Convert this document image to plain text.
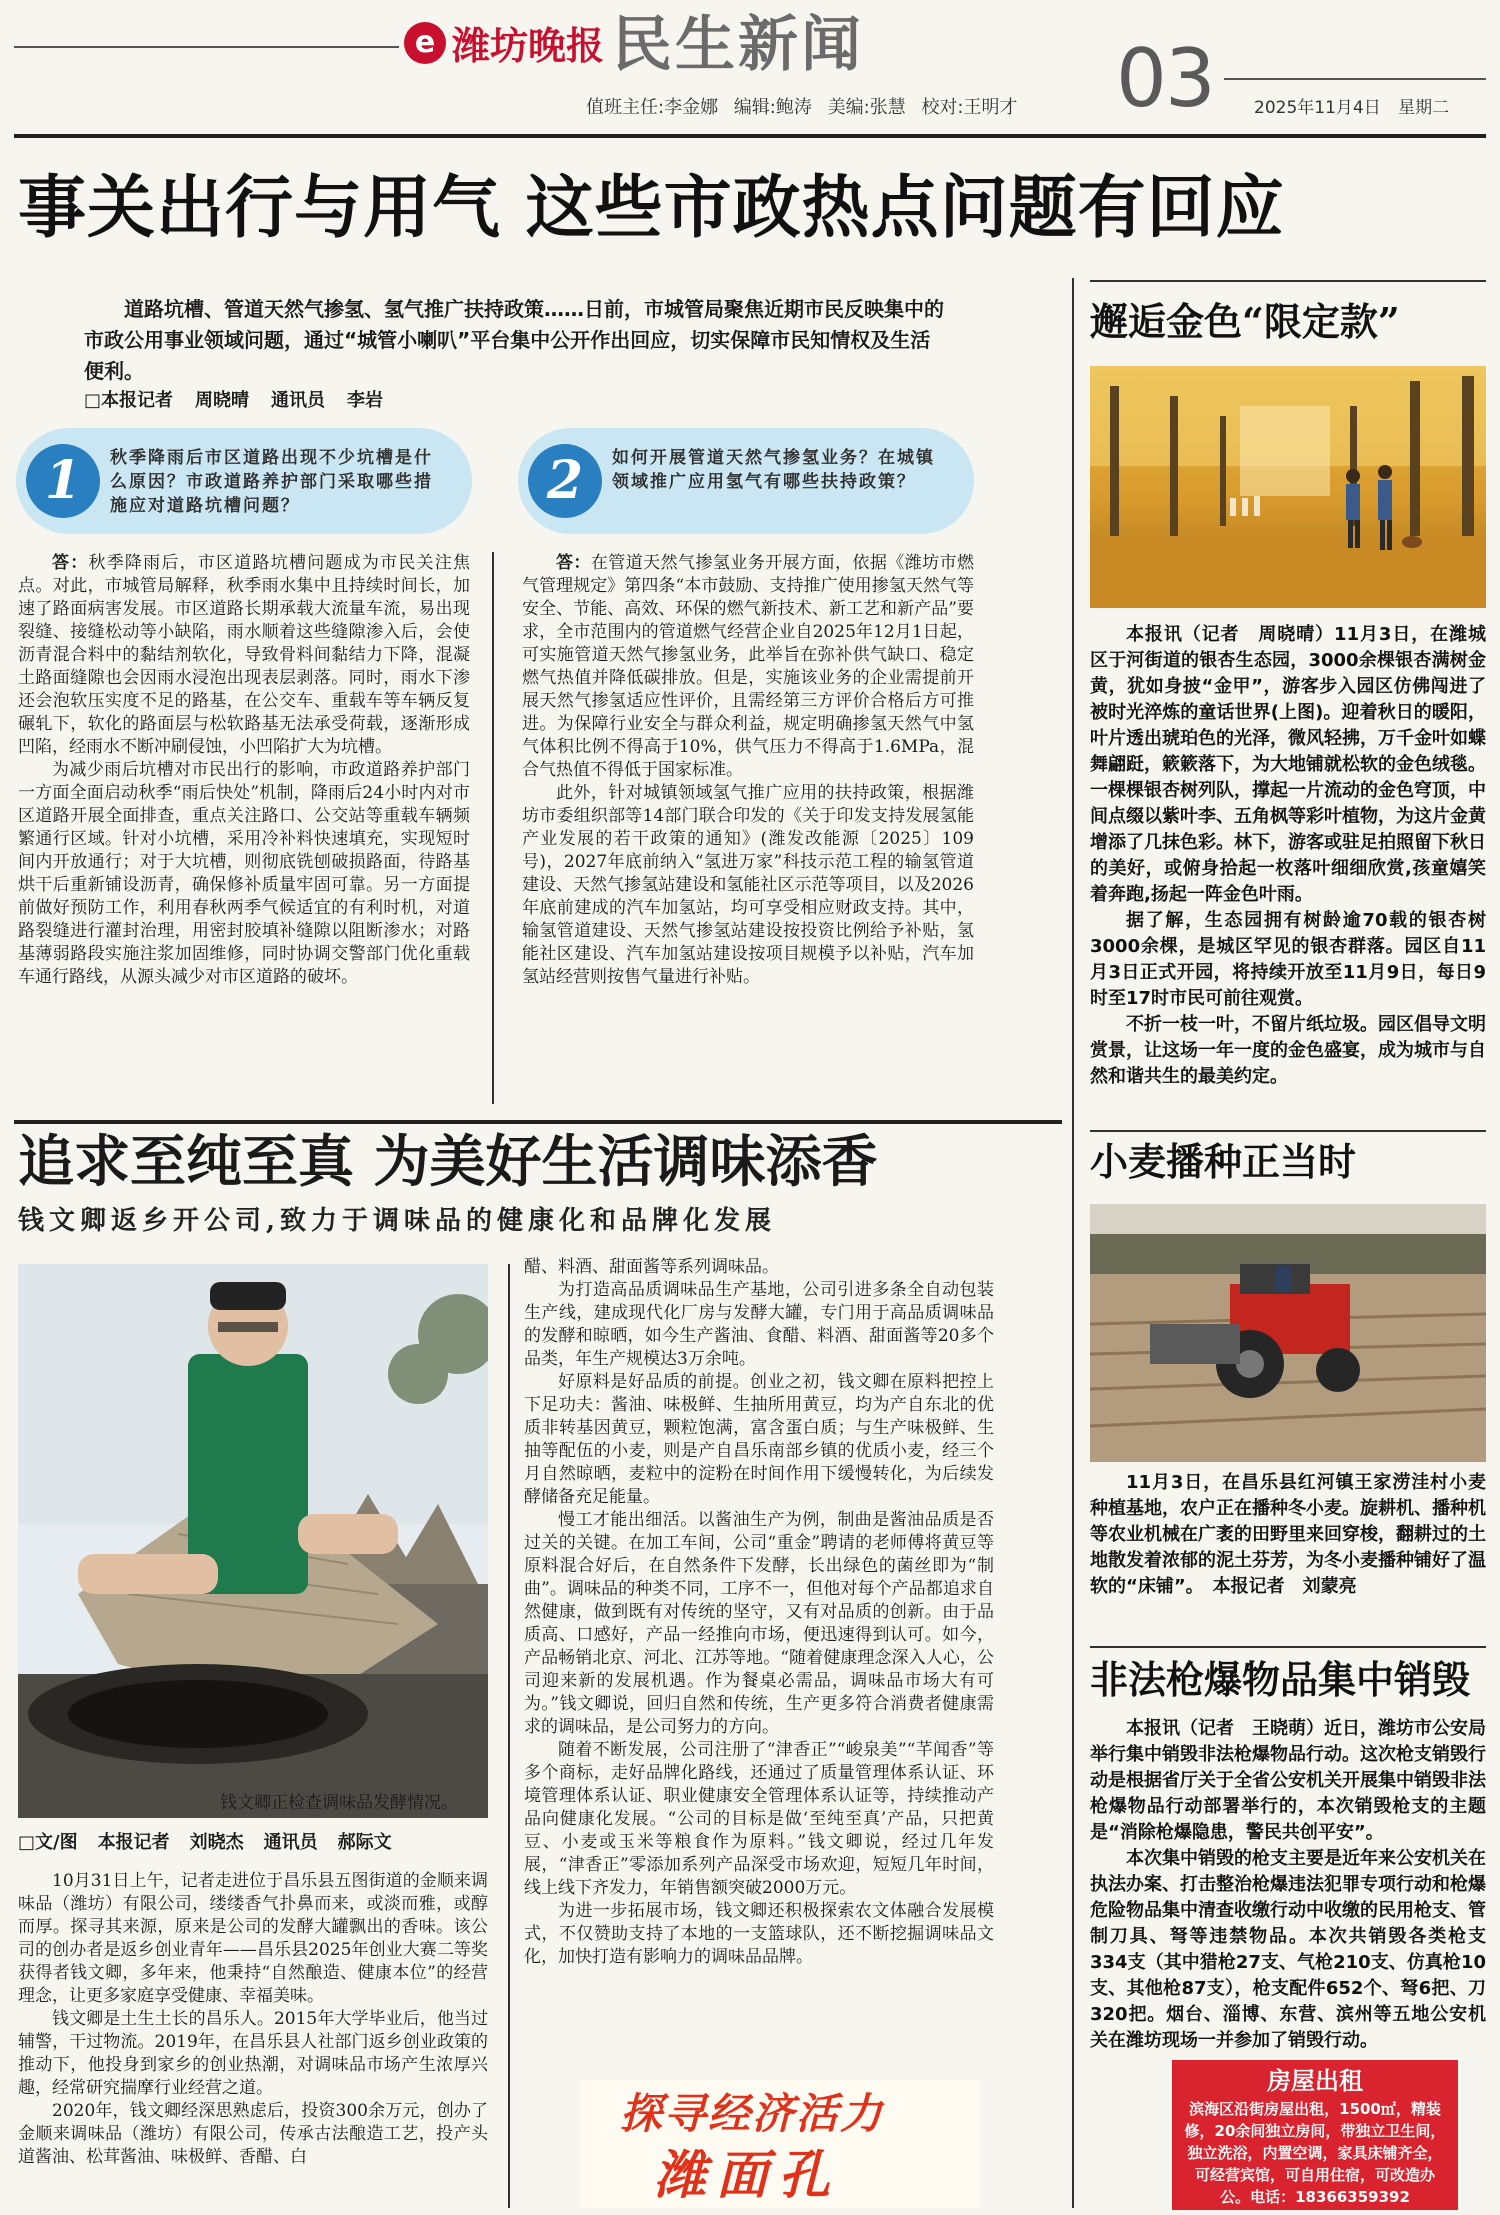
e 潍坊晚报 民生新闻
值班主任:李金娜 编辑:鲍涛 美编:张慧 校对:王明才 03 2025年11月4日 星期二
事关出行与用气 这些市政热点问题有回应

道路坑槽、管道天然气掺氢、氢气推广扶持政策……日前，市城管局聚焦近期市民反映集中的市政公用事业领域问题，通过“城管小喇叭”平台集中公开作出回应，切实保障市民知情权及生活便利。

□本报记者 周晓晴 通讯员 李岩
1	秋季降雨后市区道路出现不少坑槽是什么原因？市政道路养护部门采取哪些措施应对道路坑槽问题？	2	如何开展管道天然气掺氢业务？在城镇领域推广应用氢气有哪些扶持政策？

答：秋季降雨后，市区道路坑槽问题成为市民关注焦点。对此，市城管局解释，秋季雨水集中且持续时间长，加速了路面病害发展。市区道路长期承载大流量车流，易出现裂缝、接缝松动等小缺陷，雨水顺着这些缝隙渗入后，会使沥青混合料中的黏结剂软化，导致骨料间黏结力下降，混凝土路面缝隙也会因雨水浸泡出现表层剥落。同时，雨水下渗还会泡软压实度不足的路基，在公交车、重载车等车辆反复碾轧下，软化的路面层与松软路基无法承受荷载，逐渐形成凹陷，经雨水不断冲刷侵蚀，小凹陷扩大为坑槽。

为减少雨后坑槽对市民出行的影响，市政道路养护部门一方面全面启动秋季“雨后快处”机制，降雨后24小时内对市区道路开展全面排查，重点关注路口、公交站等重载车辆频繁通行区域。针对小坑槽，采用冷补料快速填充，实现短时间内开放通行；对于大坑槽，则彻底铣刨破损路面，待路基烘干后重新铺设沥青，确保修补质量牢固可靠。另一方面提前做好预防工作，利用春秋两季气候适宜的有利时机，对道路裂缝进行灌封治理，用密封胶填补缝隙以阻断渗水；对路基薄弱路段实施注浆加固维修，同时协调交警部门优化重载车通行路线，从源头减少对市区道路的破坏。

答：在管道天然气掺氢业务开展方面，依据《潍坊市燃气管理规定》第四条“本市鼓励、支持推广使用掺氢天然气等安全、节能、高效、环保的燃气新技术、新工艺和新产品”要求，全市范围内的管道燃气经营企业自2025年12月1日起，可实施管道天然气掺氢业务，此举旨在弥补供气缺口、稳定燃气热值并降低碳排放。但是，实施该业务的企业需提前开展天然气掺氢适应性评价，且需经第三方评价合格后方可推进。为保障行业安全与群众利益，规定明确掺氢天然气中氢气体积比例不得高于10%，供气压力不得高于1.6MPa，混合气热值不得低于国家标准。

此外，针对城镇领域氢气推广应用的扶持政策，根据潍坊市委组织部等14部门联合印发的《关于印发支持发展氢能产业发展的若干政策的通知》(潍发改能源〔2025〕109号)，2027年底前纳入“氢进万家”科技示范工程的输氢管道建设、天然气掺氢站建设和氢能社区示范等项目，以及2026年底前建成的汽车加氢站，均可享受相应财政支持。其中，输氢管道建设、天然气掺氢站建设按投资比例给予补贴，氢能社区建设、汽车加氢站建设按项目规模予以补贴，汽车加氢站经营则按售气量进行补贴。

邂逅金色“限定款”

本报讯（记者　周晓晴）11月3日，在潍城区于河街道的银杏生态园，3000余棵银杏满树金黄，犹如身披“金甲”，游客步入园区仿佛闯进了被时光淬炼的童话世界(上图)。迎着秋日的暖阳，叶片透出琥珀色的光泽，微风轻拂，万千金叶如蝶舞翩跹，簌簌落下，为大地铺就松软的金色绒毯。一棵棵银杏树列队，撑起一片流动的金色穹顶，中间点缀以紫叶李、五角枫等彩叶植物，为这片金黄增添了几抹色彩。林下，游客或驻足拍照留下秋日的美好，或俯身拾起一枚落叶细细欣赏,孩童嬉笑着奔跑,扬起一阵金色叶雨。

据了解，生态园拥有树龄逾70载的银杏树3000余棵，是城区罕见的银杏群落。园区自11月3日正式开园，将持续开放至11月9日，每日9时至17时市民可前往观赏。

不折一枝一叶，不留片纸垃圾。园区倡导文明赏景，让这场一年一度的金色盛宴，成为城市与自然和谐共生的最美约定。

小麦播种正当时

11月3日，在昌乐县红河镇王家涝洼村小麦种植基地，农户正在播种冬小麦。旋耕机、播种机等农业机械在广袤的田野里来回穿梭，翻耕过的土地散发着浓郁的泥土芬芳，为冬小麦播种铺好了温软的“床铺”。　本报记者　刘蒙亮

非法枪爆物品集中销毁

本报讯（记者　王晓萌）近日，潍坊市公安局举行集中销毁非法枪爆物品行动。这次枪支销毁行动是根据省厅关于全省公安机关开展集中销毁非法枪爆物品行动部署举行的，本次销毁枪支的主题是“消除枪爆隐患，警民共创平安”。

本次集中销毁的枪支主要是近年来公安机关在执法办案、打击整治枪爆违法犯罪专项行动和枪爆危险物品集中清查收缴行动中收缴的民用枪支、管制刀具、弩等违禁物品。本次共销毁各类枪支334支（其中猎枪27支、气枪210支、仿真枪10支、其他枪87支），枪支配件652个、弩6把、刀320把。烟台、淄博、东营、滨州等五地公安机关在潍坊现场一并参加了销毁行动。

房屋出租
滨海区沿街房屋出租，1500㎡，精装修，20余间独立房间，带独立卫生间，独立洗浴，内置空调，家具床铺齐全，可经营宾馆，可自用住宿，可改造办公。电话：18366359392
追求至纯至真 为美好生活调味添香
钱文卿返乡开公司,致力于调味品的健康化和品牌化发展
钱文卿正检查调味品发酵情况。
□文/图 本报记者 刘晓杰 通讯员 郝际文

10月31日上午，记者走进位于昌乐县五图街道的金顺来调味品（潍坊）有限公司，缕缕香气扑鼻而来，或淡而雅，或醇而厚。探寻其来源，原来是公司的发酵大罐飘出的香味。该公司的创办者是返乡创业青年——昌乐县2025年创业大赛二等奖获得者钱文卿，多年来，他秉持“自然酿造、健康本位”的经营理念，让更多家庭享受健康、幸福美味。

钱文卿是土生土长的昌乐人。2015年大学毕业后，他当过辅警，干过物流。2019年，在昌乐县人社部门返乡创业政策的推动下，他投身到家乡的创业热潮，对调味品市场产生浓厚兴趣，经常研究揣摩行业经营之道。

2020年，钱文卿经深思熟虑后，投资300余万元，创办了金顺来调味品（潍坊）有限公司，传承古法酿造工艺，投产头道酱油、松茸酱油、味极鲜、香醋、白

醋、料酒、甜面酱等系列调味品。

为打造高品质调味品生产基地，公司引进多条全自动包装生产线，建成现代化厂房与发酵大罐，专门用于高品质调味品的发酵和晾晒，如今生产酱油、食醋、料酒、甜面酱等20多个品类，年生产规模达3万余吨。

好原料是好品质的前提。创业之初，钱文卿在原料把控上下足功夫：酱油、味极鲜、生抽所用黄豆，均为产自东北的优质非转基因黄豆，颗粒饱满，富含蛋白质；与生产味极鲜、生抽等配伍的小麦，则是产自昌乐南部乡镇的优质小麦，经三个月自然晾晒，麦粒中的淀粉在时间作用下缓慢转化，为后续发酵储备充足能量。

慢工才能出细活。以酱油生产为例，制曲是酱油品质是否过关的关键。在加工车间，公司“重金”聘请的老师傅将黄豆等原料混合好后，在自然条件下发酵，长出绿色的菌丝即为“制曲”。调味品的种类不同，工序不一，但他对每个产品都追求自然健康，做到既有对传统的坚守，又有对品质的创新。由于品质高、口感好，产品一经推向市场，便迅速得到认可。如今，产品畅销北京、河北、江苏等地。“随着健康理念深入人心，公司迎来新的发展机遇。作为餐桌必需品，调味品市场大有可为。”钱文卿说，回归自然和传统，生产更多符合消费者健康需求的调味品，是公司努力的方向。

随着不断发展，公司注册了“津香正”“峻泉美”“芊闻香”等多个商标，走好品牌化路线，还通过了质量管理体系认证、环境管理体系认证、职业健康安全管理体系认证等，持续推动产品向健康化发展。“公司的目标是做‘至纯至真’产品，只把黄豆、小麦或玉米等粮食作为原料。”钱文卿说，经过几年发展，“津香正”零添加系列产品深受市场欢迎，短短几年时间，线上线下齐发力，年销售额突破2000万元。

为进一步拓展市场，钱文卿还积极探索农文体融合发展模式，不仅赞助支持了本地的一支篮球队，还不断挖掘调味品文化，加快打造有影响力的调味品品牌。

探寻经济活力
潍面孔
